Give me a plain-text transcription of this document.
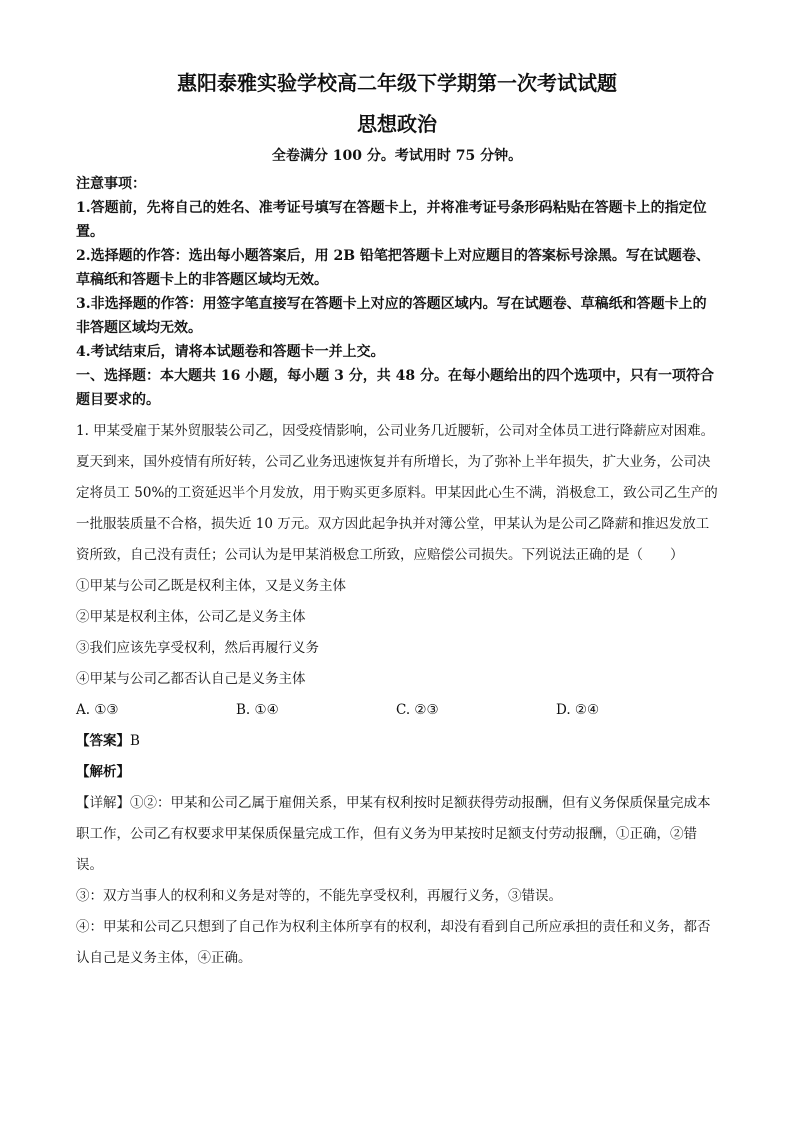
惠阳泰雅实验学校高二年级下学期第一次考试试题
思想政治
全卷满分 100 分。考试用时 75 分钟。

注意事项：

1.答题前，先将自己的姓名、准考证号填写在答题卡上，并将准考证号条形码粘贴在答题卡上的指定位置。

2.选择题的作答：选出每小题答案后，用 2B 铅笔把答题卡上对应题目的答案标号涂黑。写在试题卷、草稿纸和答题卡上的非答题区域均无效。

3.非选择题的作答：用签字笔直接写在答题卡上对应的答题区域内。写在试题卷、草稿纸和答题卡上的非答题区域均无效。

4.考试结束后，请将本试题卷和答题卡一并上交。

一、选择题：本大题共 16 小题，每小题 3 分，共 48 分。在每小题给出的四个选项中，只有一项符合题目要求的。

1. 甲某受雇于某外贸服装公司乙，因受疫情影响，公司业务几近腰斩，公司对全体员工进行降薪应对困难。夏天到来，国外疫情有所好转，公司乙业务迅速恢复并有所增长，为了弥补上半年损失，扩大业务，公司决定将员工 50%的工资延迟半个月发放，用于购买更多原料。甲某因此心生不满，消极怠工，致公司乙生产的一批服装质量不合格，损失近 10 万元。双方因此起争执并对簿公堂，甲某认为是公司乙降薪和推迟发放工资所致，自己没有责任；公司认为是甲某消极怠工所致，应赔偿公司损失。下列说法正确的是（　　）

①甲某与公司乙既是权利主体，又是义务主体

②甲某是权利主体，公司乙是义务主体

③我们应该先享受权利，然后再履行义务

④甲某与公司乙都否认自己是义务主体

A. ①③	B. ①④	C. ②③	D. ②④
【答案】B
【解析】

【详解】①②：甲某和公司乙属于雇佣关系，甲某有权利按时足额获得劳动报酬，但有义务保质保量完成本职工作，公司乙有权要求甲某保质保量完成工作，但有义务为甲某按时足额支付劳动报酬，①正确，②错误。

③：双方当事人的权利和义务是对等的，不能先享受权利，再履行义务，③错误。

④：甲某和公司乙只想到了自己作为权利主体所享有的权利，却没有看到自己所应承担的责任和义务，都否认自己是义务主体，④正确。
